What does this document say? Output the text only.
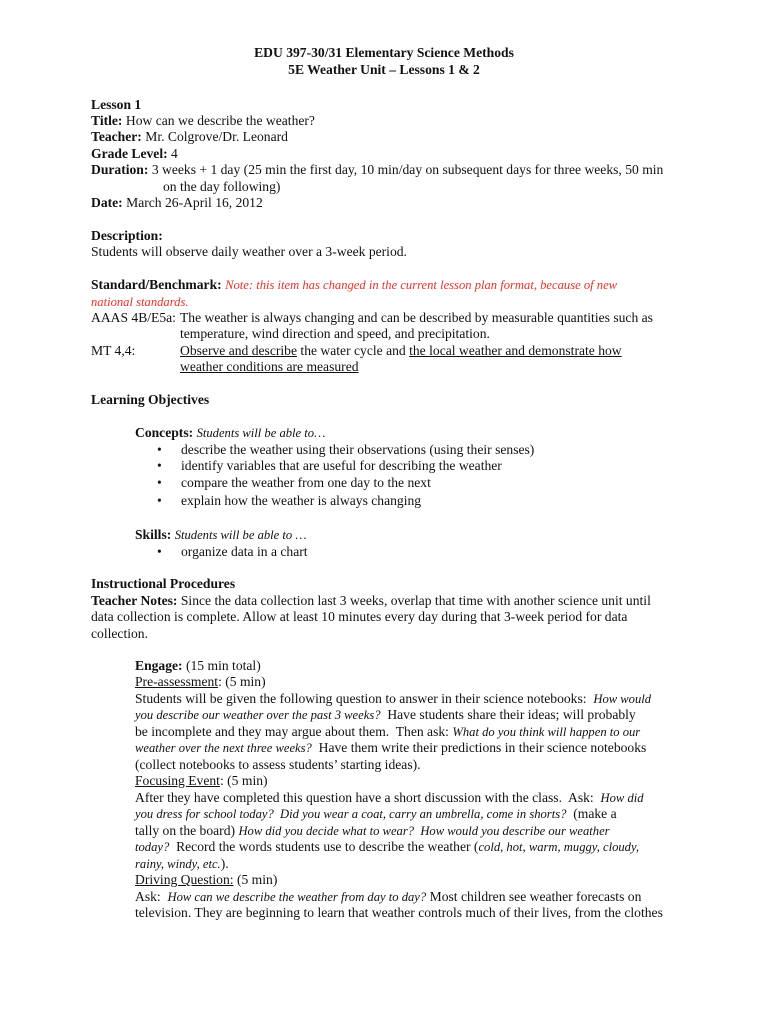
EDU 397-30/31 Elementary Science Methods
5E Weather Unit – Lessons 1 & 2
Lesson 1
Title: How can we describe the weather?
Teacher: Mr. Colgrove/Dr. Leonard
Grade Level: 4
Duration: 3 weeks + 1 day (25 min the first day, 10 min/day on subsequent days for three weeks, 50 min
on the day following)
Date: March 26-April 16, 2012
Description:
Students will observe daily weather over a 3-week period.
Standard/Benchmark: Note: this item has changed in the current lesson plan format, because of new
national standards.
AAAS 4B/E5a: The weather is always changing and can be described by measurable quantities such as
temperature, wind direction and speed, and precipitation.
MT 4,4:	Observe and describe the water cycle and the local weather and demonstrate how
weather conditions are measured
Learning Objectives
Concepts: Students will be able to…
• describe the weather using their observations (using their senses)
• identify variables that are useful for describing the weather
• compare the weather from one day to the next
• explain how the weather is always changing
Skills: Students will be able to …
• organize data in a chart
Instructional Procedures
Teacher Notes: Since the data collection last 3 weeks, overlap that time with another science unit until
data collection is complete. Allow at least 10 minutes every day during that 3-week period for data
collection.
Engage: (15 min total)
Pre-assessment: (5 min)
Students will be given the following question to answer in their science notebooks:  How would
you describe our weather over the past 3 weeks?  Have students share their ideas; will probably
be incomplete and they may argue about them.  Then ask: What do you think will happen to our
weather over the next three weeks?  Have them write their predictions in their science notebooks
(collect notebooks to assess students’ starting ideas).
Focusing Event: (5 min)
After they have completed this question have a short discussion with the class.  Ask:  How did
you dress for school today?  Did you wear a coat, carry an umbrella, come in shorts?  (make a
tally on the board) How did you decide what to wear?  How would you describe our weather
today?  Record the words students use to describe the weather (cold, hot, warm, muggy, cloudy,
rainy, windy, etc.).
Driving Question: (5 min)
Ask:  How can we describe the weather from day to day? Most children see weather forecasts on
television. They are beginning to learn that weather controls much of their lives, from the clothes
